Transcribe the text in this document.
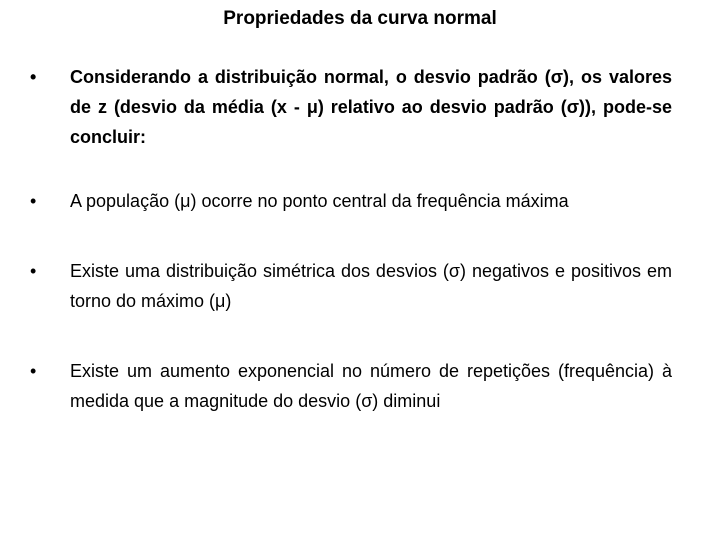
Propriedades da curva normal
•	Considerando a distribuição normal, o desvio padrão (σ), os valores de z (desvio da média (x - μ) relativo ao desvio padrão (σ)), pode-se concluir:
•	A população (μ) ocorre no ponto central da frequência máxima
•	Existe uma distribuição simétrica dos desvios (σ) negativos e positivos em torno do máximo (μ)
•	Existe um aumento exponencial no número de repetições (frequência) à medida que a magnitude do desvio (σ) diminui
